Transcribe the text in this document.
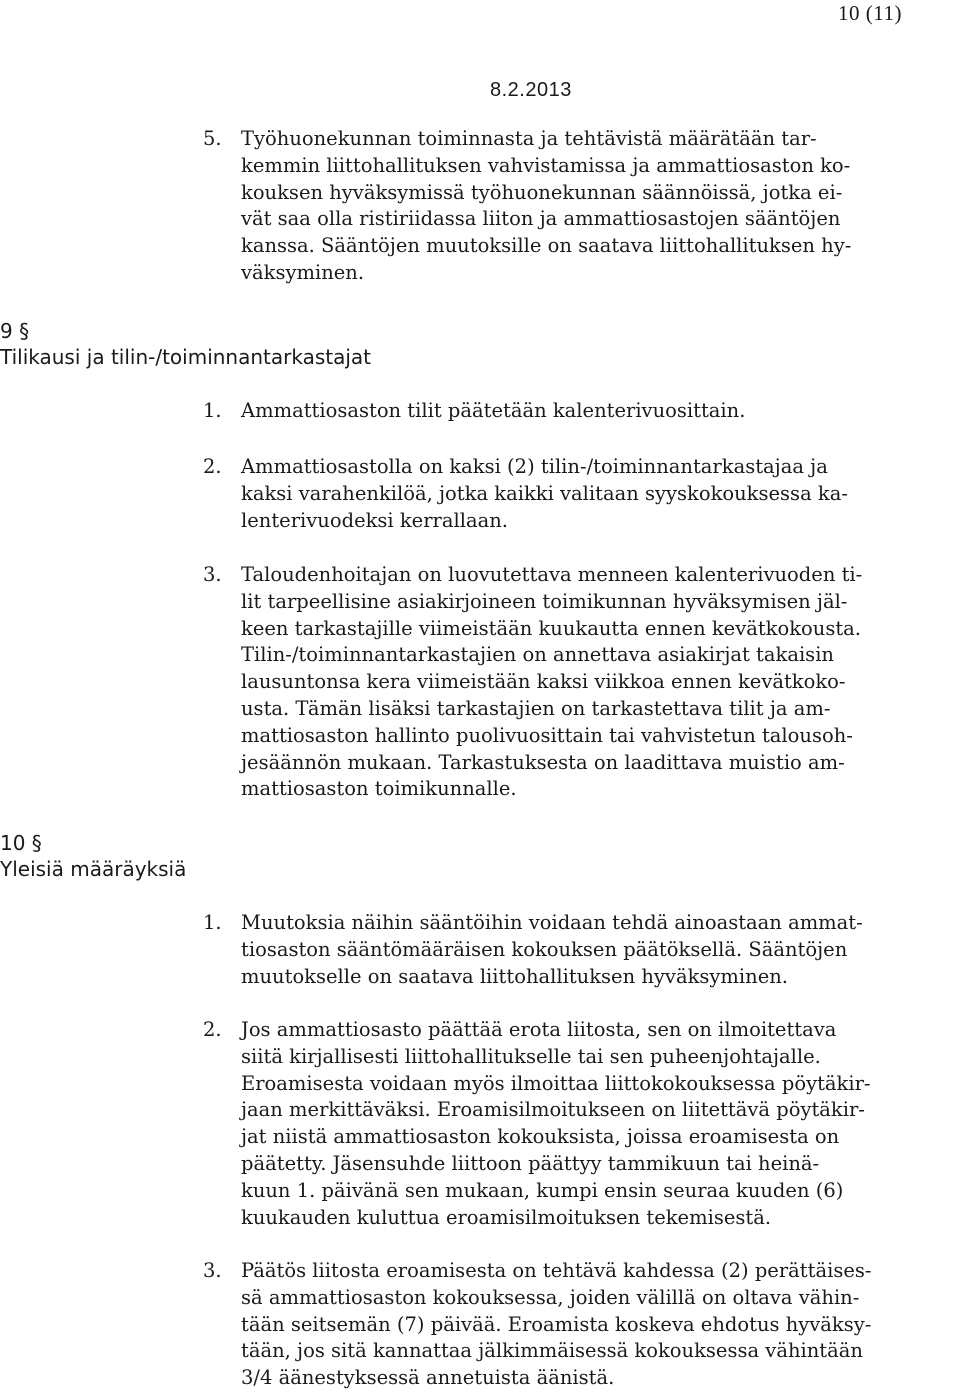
10 (11)
8.2.2013
5. Työhuonekunnan toiminnasta ja tehtävistä määrätään tar-
kemmin liittohallituksen vahvistamissa ja ammattiosaston ko-
kouksen hyväksymissä työhuonekunnan säännöissä, jotka ei-
vät saa olla ristiriidassa liiton ja ammattiosastojen sääntöjen
kanssa. Sääntöjen muutoksille on saatava liittohallituksen hy-
väksyminen.
9 §
Tilikausi ja tilin-/toiminnantarkastajat
1. Ammattiosaston tilit päätetään kalenterivuosittain.
2. Ammattiosastolla on kaksi (2) tilin-/toiminnantarkastajaa ja
kaksi varahenkilöä, jotka kaikki valitaan syyskokouksessa ka-
lenterivuodeksi kerrallaan.
3. Taloudenhoitajan on luovutettava menneen kalenterivuoden ti-
lit tarpeellisine asiakirjoineen toimikunnan hyväksymisen jäl-
keen tarkastajille viimeistään kuukautta ennen kevätkokousta.
Tilin-/toiminnantarkastajien on annettava asiakirjat takaisin
lausuntonsa kera viimeistään kaksi viikkoa ennen kevätkoko-
usta. Tämän lisäksi tarkastajien on tarkastettava tilit ja am-
mattiosaston hallinto puolivuosittain tai vahvistetun talousoh-
jesäännön mukaan. Tarkastuksesta on laadittava muistio am-
mattiosaston toimikunnalle.
10 §
Yleisiä määräyksiä
1. Muutoksia näihin sääntöihin voidaan tehdä ainoastaan ammat-
tiosaston sääntömääräisen kokouksen päätöksellä. Sääntöjen
muutokselle on saatava liittohallituksen hyväksyminen.
2. Jos ammattiosasto päättää erota liitosta, sen on ilmoitettava
siitä kirjallisesti liittohallitukselle tai sen puheenjohtajalle.
Eroamisesta voidaan myös ilmoittaa liittokokouksessa pöytäkir-
jaan merkittäväksi. Eroamisilmoitukseen on liitettävä pöytäkir-
jat niistä ammattiosaston kokouksista, joissa eroamisesta on
päätetty. Jäsensuhde liittoon päättyy tammikuun tai heinä-
kuun 1. päivänä sen mukaan, kumpi ensin seuraa kuuden (6)
kuukauden kuluttua eroamisilmoituksen tekemisestä.
3. Päätös liitosta eroamisesta on tehtävä kahdessa (2) perättäises-
sä ammattiosaston kokouksessa, joiden välillä on oltava vähin-
tään seitsemän (7) päivää. Eroamista koskeva ehdotus hyväksy-
tään, jos sitä kannattaa jälkimmäisessä kokouksessa vähintään
3/4 äänestyksessä annetuista äänistä.
